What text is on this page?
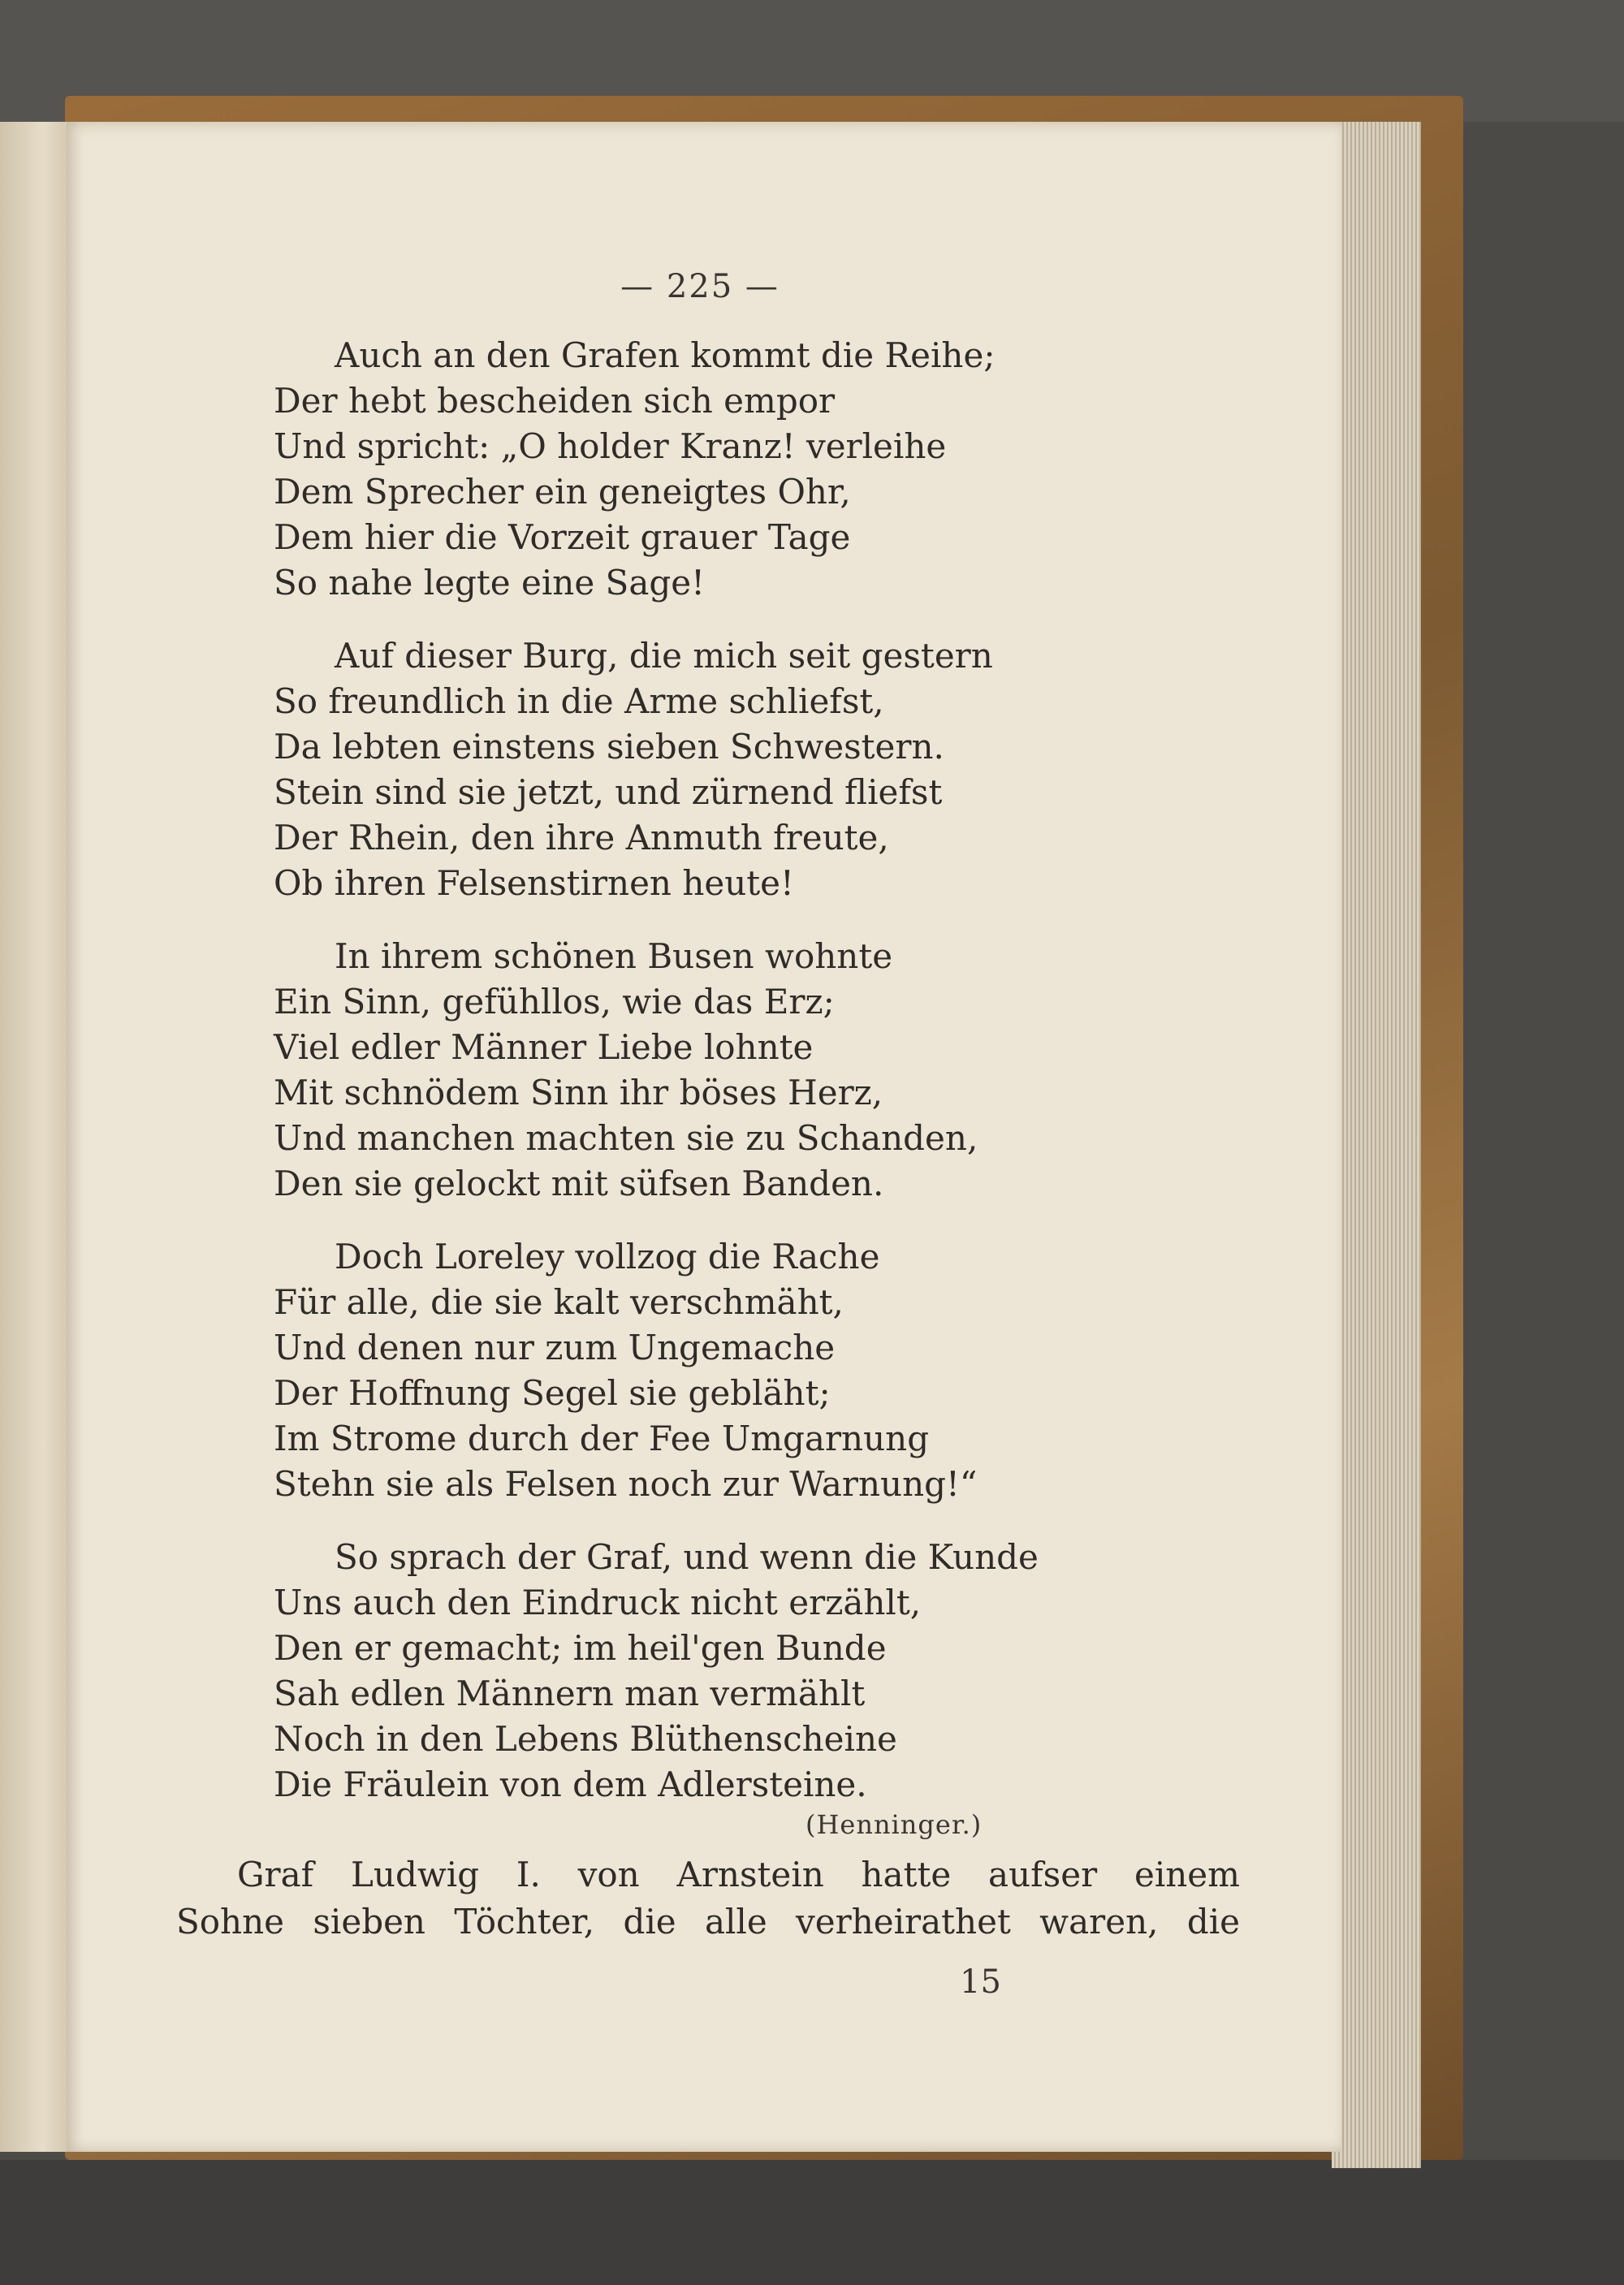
— 225 —
Auch an den Grafen kommt die Reihe;
Der hebt bescheiden sich empor
Und spricht: „O holder Kranz! verleihe
Dem Sprecher ein geneigtes Ohr,
Dem hier die Vorzeit grauer Tage
So nahe legte eine Sage!
Auf dieser Burg, die mich seit gestern
So freundlich in die Arme schliefst,
Da lebten einstens sieben Schwestern.
Stein sind sie jetzt, und zürnend fliefst
Der Rhein, den ihre Anmuth freute,
Ob ihren Felsenstirnen heute!
In ihrem schönen Busen wohnte
Ein Sinn, gefühllos, wie das Erz;
Viel edler Männer Liebe lohnte
Mit schnödem Sinn ihr böses Herz,
Und manchen machten sie zu Schanden,
Den sie gelockt mit süfsen Banden.
Doch Loreley vollzog die Rache
Für alle, die sie kalt verschmäht,
Und denen nur zum Ungemache
Der Hoffnung Segel sie gebläht;
Im Strome durch der Fee Umgarnung
Stehn sie als Felsen noch zur Warnung!“
So sprach der Graf, und wenn die Kunde
Uns auch den Eindruck nicht erzählt,
Den er gemacht; im heil'gen Bunde
Sah edlen Männern man vermählt
Noch in den Lebens Blüthenscheine
Die Fräulein von dem Adlersteine.
(Henninger.)
Graf Ludwig I. von Arnstein hatte aufser einem
Sohne sieben Töchter, die alle verheirathet waren, die
15
